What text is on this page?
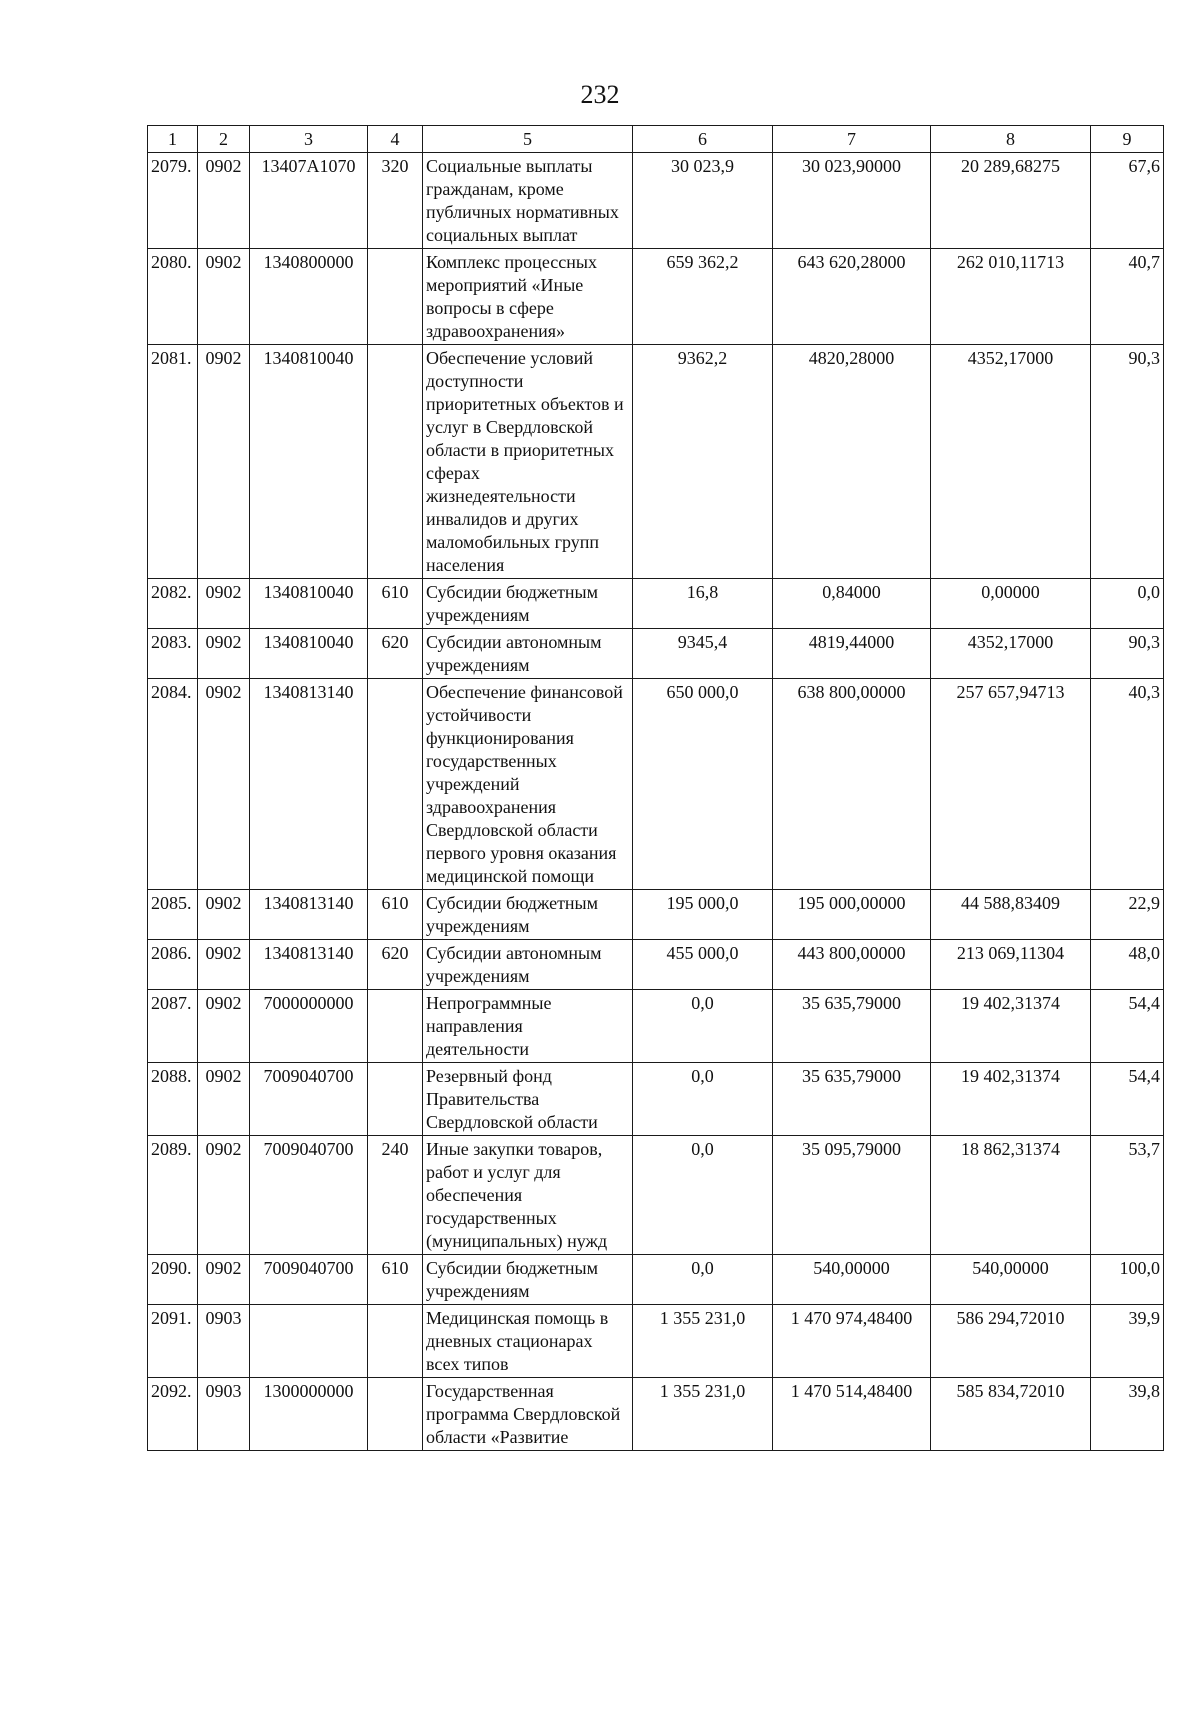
232
1	2	3	4	5	6	7	8	9
2079.	0902	13407A1070	320	Социальные выплаты гражданам, кроме публичных нормативных социальных выплат	30 023,9	30 023,90000	20 289,68275	67,6
2080.	0902	1340800000		Комплекс процессных мероприятий «Иные вопросы в сфере здравоохранения»	659 362,2	643 620,28000	262 010,11713	40,7
2081.	0902	1340810040		Обеспечение условий доступности приоритетных объектов и услуг в Свердловской области в приоритетных сферах жизнедеятельности инвалидов и других маломобильных групп населения	9362,2	4820,28000	4352,17000	90,3
2082.	0902	1340810040	610	Субсидии бюджетным учреждениям	16,8	0,84000	0,00000	0,0
2083.	0902	1340810040	620	Субсидии автономным учреждениям	9345,4	4819,44000	4352,17000	90,3
2084.	0902	1340813140		Обеспечение финансовой устойчивости функционирования государственных учреждений здравоохранения Свердловской области первого уровня оказания медицинской помощи	650 000,0	638 800,00000	257 657,94713	40,3
2085.	0902	1340813140	610	Субсидии бюджетным учреждениям	195 000,0	195 000,00000	44 588,83409	22,9
2086.	0902	1340813140	620	Субсидии автономным учреждениям	455 000,0	443 800,00000	213 069,11304	48,0
2087.	0902	7000000000		Непрограммные направления деятельности	0,0	35 635,79000	19 402,31374	54,4
2088.	0902	7009040700		Резервный фонд Правительства Свердловской области	0,0	35 635,79000	19 402,31374	54,4
2089.	0902	7009040700	240	Иные закупки товаров, работ и услуг для обеспечения государственных (муниципальных) нужд	0,0	35 095,79000	18 862,31374	53,7
2090.	0902	7009040700	610	Субсидии бюджетным учреждениям	0,0	540,00000	540,00000	100,0
2091.	0903			Медицинская помощь в дневных стационарах всех типов	1 355 231,0	1 470 974,48400	586 294,72010	39,9
2092.	0903	1300000000		Государственная программа Свердловской области «Развитие	1 355 231,0	1 470 514,48400	585 834,72010	39,8
